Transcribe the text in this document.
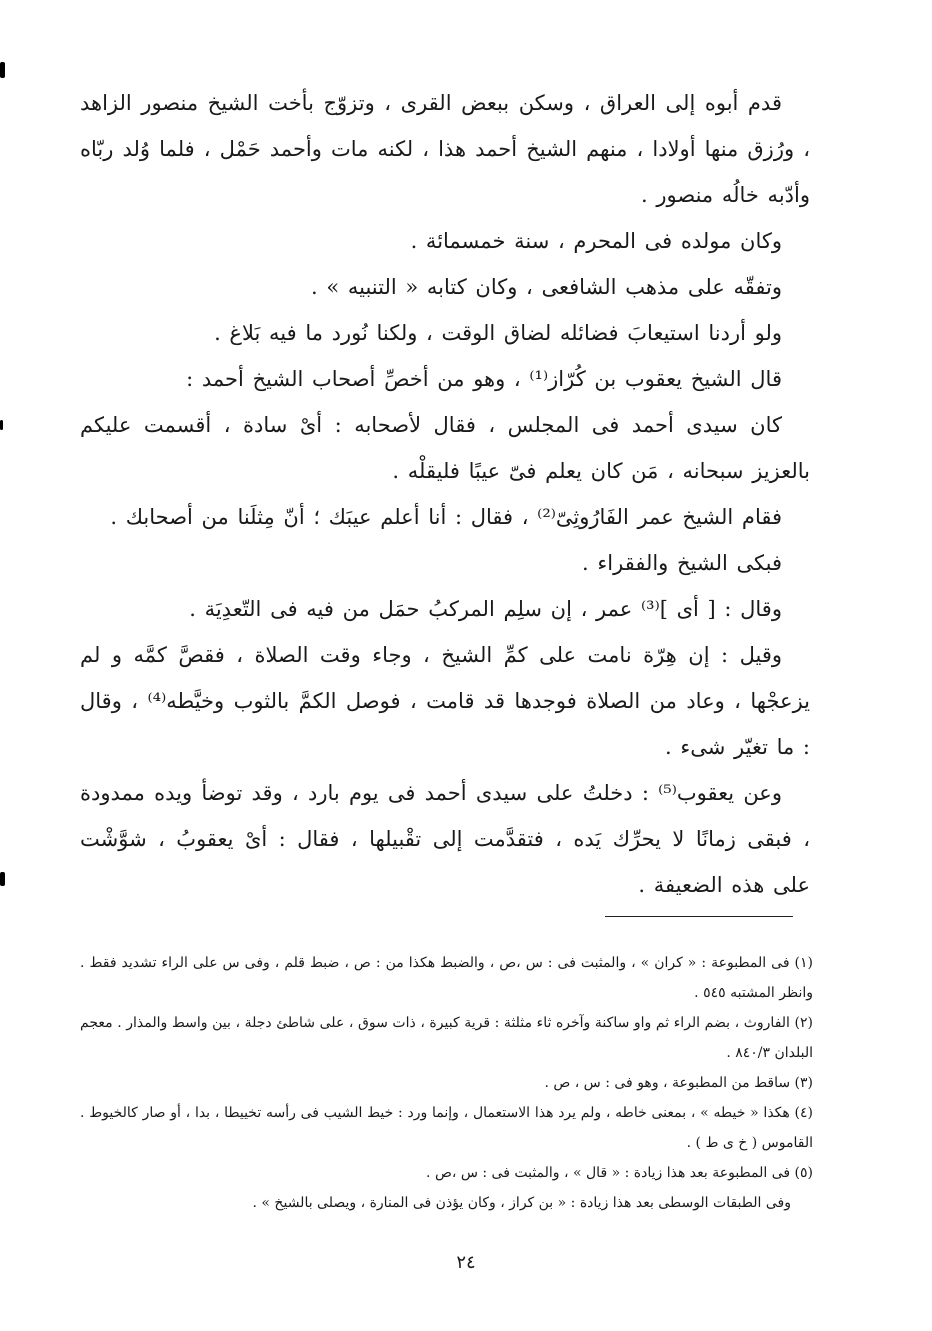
قدم أبوه إلى العراق ، وسكن ببعض القرى ، وتزوّج بأخت الشيخ منصور الزاهد ، ورُزق منها أولادا ، منهم الشيخ أحمد هذا ، لكنه مات وأحمد حَمْل ، فلما وُلد ربّاه وأدّبه خالُه منصور .

وكان مولده فى المحرم ، سنة خمسمائة .

وتفقّه على مذهب الشافعى ، وكان كتابه « التنبيه » .

ولو أردنا استيعابَ فضائله لضاق الوقت ، ولكنا نُورد ما فيه بَلاغ .

قال الشيخ يعقوب بن كُرّاز⁽¹⁾ ، وهو من أخصِّ أصحاب الشيخ أحمد :

كان سيدى أحمد فى المجلس ، فقال لأصحابه : أىْ سادة ، أقسمت عليكم بالعزيز سبحانه ، مَن كان يعلم فىّ عيبًا فليقلْه .

فقام الشيخ عمر الفَارُوثِىّ⁽²⁾ ، فقال : أنا أعلم عيبَك ؛ أنّ مِثلَنا من أصحابك .

فبكى الشيخ والفقراء .

وقال : [ أى ]⁽³⁾ عمر ، إن سلِم المركبُ حمَل من فيه فى التّعدِيَة .

وقيل : إن هِرّة نامت على كمِّ الشيخ ، وجاء وقت الصلاة ، فقصَّ كمَّه و لم يزعجْها ، وعاد من الصلاة فوجدها قد قامت ، فوصل الكمَّ بالثوب وخيَّطه⁽⁴⁾ ، وقال : ما تغيّر شىء .

وعن يعقوب⁽⁵⁾ : دخلتُ على سيدى أحمد فى يوم بارد ، وقد توضأ ويده ممدودة ، فبقى زمانًا لا يحرِّك يَده ، فتقدَّمت إلى تقْبيلها ، فقال : أىْ يعقوبُ ، شوَّشْت على هذه الضعيفة .

(١) فى المطبوعة : « كران » ، والمثبت فى : س ،ص ، والضبط هكذا من : ص ، ضبط قلم ، وفى س على الراء تشديد فقط . وانظر المشتبه ٥٤٥ .

(٢) الفاروث ، بضم الراء ثم واو ساكنة وآخره ثاء مثلثة : قرية كبيرة ، ذات سوق ، على شاطئ دجلة ، بين واسط والمذار . معجم البلدان ٨٤٠/٣ .

(٣) ساقط من المطبوعة ، وهو فى : س ، ص .

(٤) هكذا « خيطه » ، بمعنى خاطه ، ولم يرد هذا الاستعمال ، وإنما ورد : خيط الشيب فى رأسه تخييطا ، بدا ، أو صار كالخيوط . القاموس ( خ ى ط ) .

(٥) فى المطبوعة بعد هذا زيادة : « قال » ، والمثبت فى : س ،ص .

وفى الطبقات الوسطى بعد هذا زيادة : « بن كراز ، وكان يؤذن فى المنارة ، ويصلى بالشيخ » .

٢٤
